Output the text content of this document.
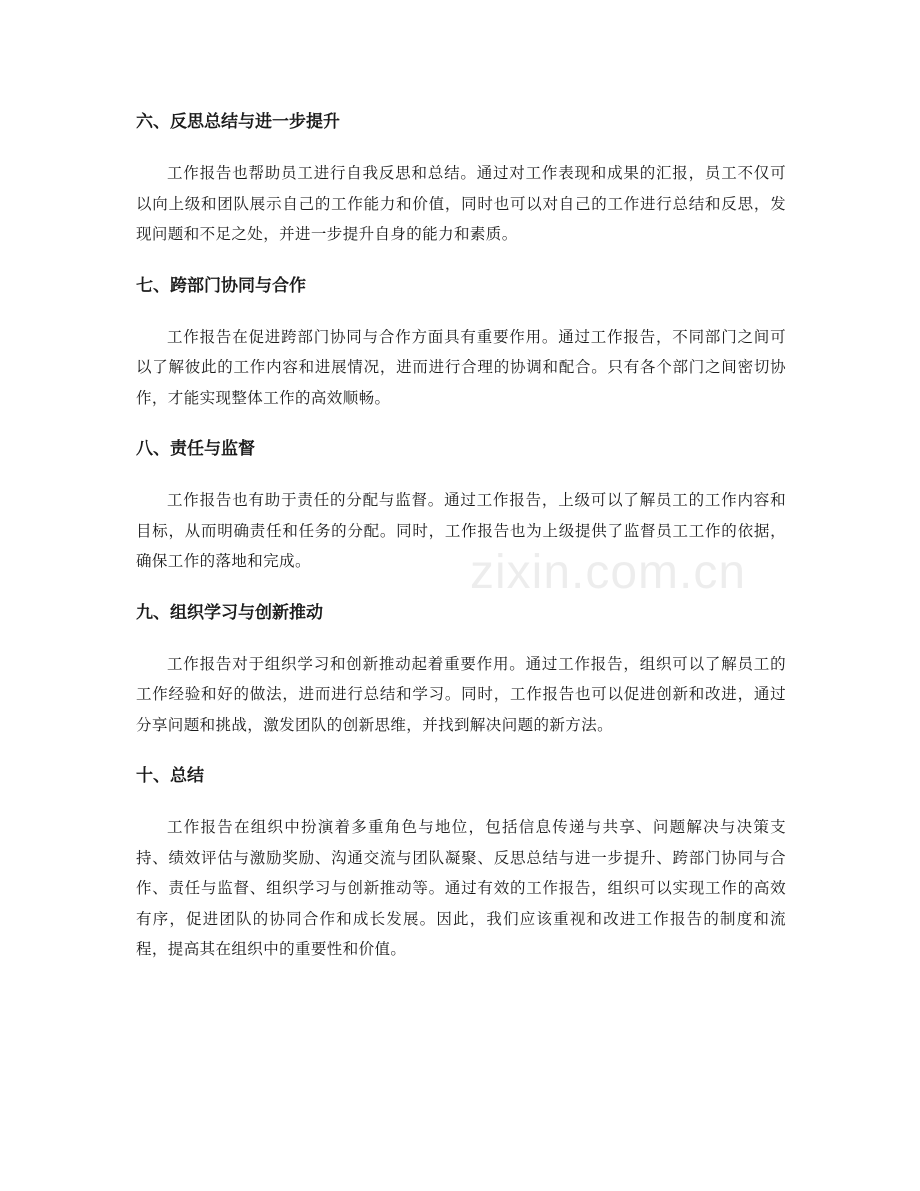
六、反思总结与进一步提升

工作报告也帮助员工进行自我反思和总结。通过对工作表现和成果的汇报，员工不仅可以向上级和团队展示自己的工作能力和价值，同时也可以对自己的工作进行总结和反思，发现问题和不足之处，并进一步提升自身的能力和素质。

七、跨部门协同与合作

工作报告在促进跨部门协同与合作方面具有重要作用。通过工作报告，不同部门之间可以了解彼此的工作内容和进展情况，进而进行合理的协调和配合。只有各个部门之间密切协作，才能实现整体工作的高效顺畅。

八、责任与监督

工作报告也有助于责任的分配与监督。通过工作报告，上级可以了解员工的工作内容和目标，从而明确责任和任务的分配。同时，工作报告也为上级提供了监督员工工作的依据，确保工作的落地和完成。

九、组织学习与创新推动

工作报告对于组织学习和创新推动起着重要作用。通过工作报告，组织可以了解员工的工作经验和好的做法，进而进行总结和学习。同时，工作报告也可以促进创新和改进，通过分享问题和挑战，激发团队的创新思维，并找到解决问题的新方法。

十、总结

工作报告在组织中扮演着多重角色与地位，包括信息传递与共享、问题解决与决策支持、绩效评估与激励奖励、沟通交流与团队凝聚、反思总结与进一步提升、跨部门协同与合作、责任与监督、组织学习与创新推动等。通过有效的工作报告，组织可以实现工作的高效有序，促进团队的协同合作和成长发展。因此，我们应该重视和改进工作报告的制度和流程，提高其在组织中的重要性和价值。

zixin.com.cn
